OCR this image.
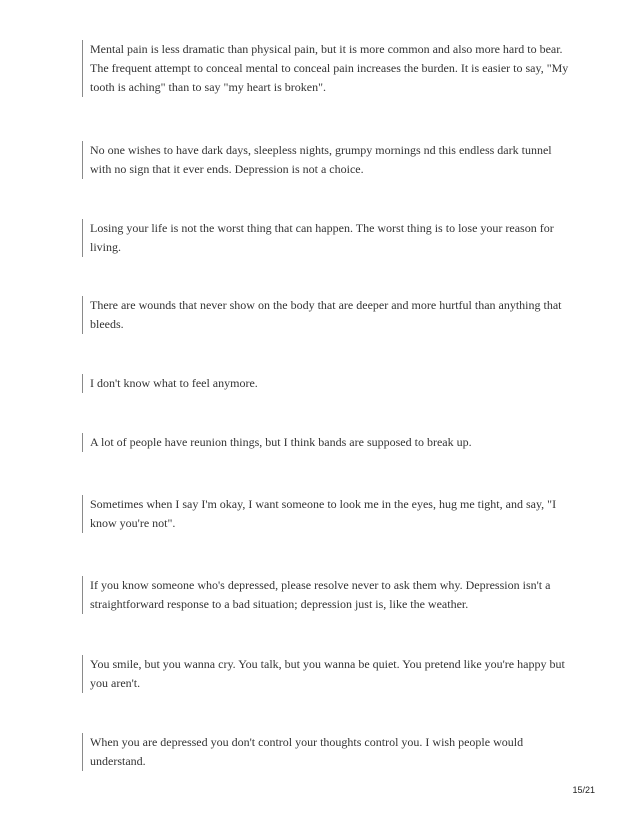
Mental pain is less dramatic than physical pain, but it is more common and also more hard to bear.
The frequent attempt to conceal mental to conceal pain increases the burden. It is easier to say, "My
tooth is aching" than to say "my heart is broken".
No one wishes to have dark days, sleepless nights, grumpy mornings nd this endless dark tunnel
with no sign that it ever ends. Depression is not a choice.
Losing your life is not the worst thing that can happen. The worst thing is to lose your reason for
living.
There are wounds that never show on the body that are deeper and more hurtful than anything that
bleeds.
I don't know what to feel anymore.
A lot of people have reunion things, but I think bands are supposed to break up.
Sometimes when I say I'm okay, I want someone to look me in the eyes, hug me tight, and say, "I
know you're not".
If you know someone who's depressed, please resolve never to ask them why. Depression isn't a
straightforward response to a bad situation; depression just is, like the weather.
You smile, but you wanna cry. You talk, but you wanna be quiet. You pretend like you're happy but
you aren't.
When you are depressed you don't control your thoughts control you. I wish people would
understand.
15/21
